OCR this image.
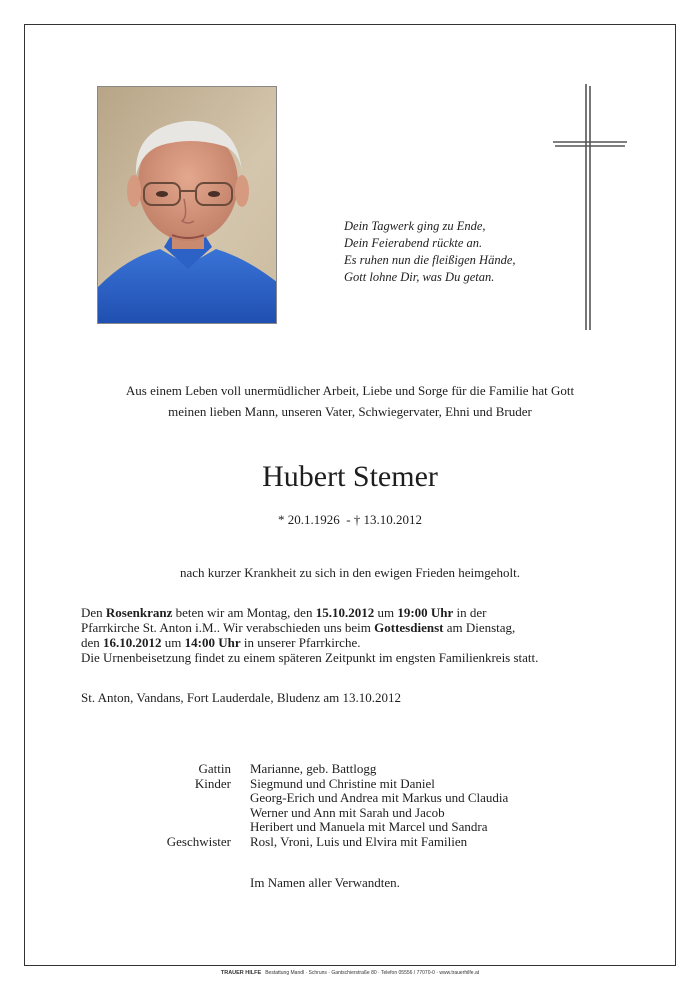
Dein Tagwerk ging zu Ende,
Dein Feierabend rückte an.
Es ruhen nun die fleißigen Hände,
Gott lohne Dir, was Du getan.
Aus einem Leben voll unermüdlicher Arbeit, Liebe und Sorge für die Familie hat Gott
meinen lieben Mann, unseren Vater, Schwiegervater, Ehni und Bruder
Hubert Stemer
* 20.1.1926  - † 13.10.2012
nach kurzer Krankheit zu sich in den ewigen Frieden heimgeholt.
Den Rosenkranz beten wir am Montag, den 15.10.2012 um 19:00 Uhr in der
Pfarrkirche St. Anton i.M.. Wir verabschieden uns beim Gottesdienst am Dienstag,
den 16.10.2012 um 14:00 Uhr in unserer Pfarrkirche.
Die Urnenbeisetzung findet zu einem späteren Zeitpunkt im engsten Familienkreis statt.
St. Anton, Vandans, Fort Lauderdale, Bludenz am 13.10.2012
Gattin Marianne, geb. Battlogg
Kinder Siegmund und Christine mit Daniel
Georg-Erich und Andrea mit Markus und Claudia
Werner und Ann mit Sarah und Jacob
Heribert und Manuela mit Marcel und Sandra
Geschwister Rosl, Vroni, Luis und Elvira mit Familien
Im Namen aller Verwandten.
TRAUER HILFE Bestattung Mandl · Schruns · Gantschierstraße 80 · Telefon 05556 / 77070-0 · www.trauerhilfe.at
